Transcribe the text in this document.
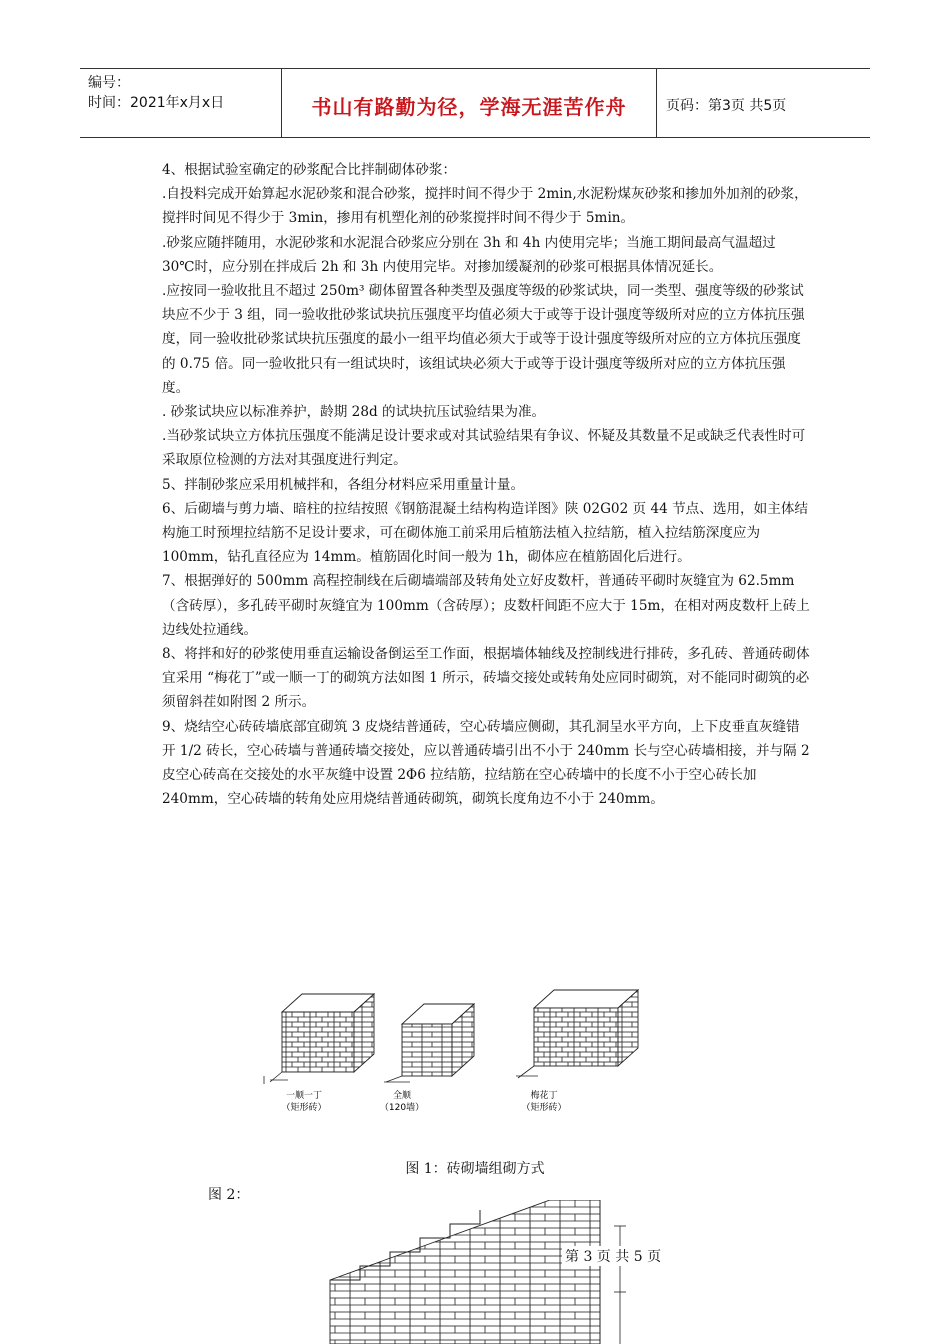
编号：
时间：2021年x月x日	书山有路勤为径，学海无涯苦作舟	页码：第3页 共5页

4、根据试验室确定的砂浆配合比拌制砌体砂浆：

.自投料完成开始算起水泥砂浆和混合砂浆，搅拌时间不得少于 2min,水泥粉煤灰砂浆和掺加外加剂的砂浆，搅拌时间见不得少于 3min，掺用有机塑化剂的砂浆搅拌时间不得少于 5min。

.砂浆应随拌随用，水泥砂浆和水泥混合砂浆应分别在 3h 和 4h 内使用完毕；当施工期间最高气温超过 30℃时，应分别在拌成后 2h 和 3h 内使用完毕。对掺加缓凝剂的砂浆可根据具体情况延长。

.应按同一验收批且不超过 250m³ 砌体留置各种类型及强度等级的砂浆试块，同一类型、强度等级的砂浆试块应不少于 3 组，同一验收批砂浆试块抗压强度平均值必须大于或等于设计强度等级所对应的立方体抗压强度，同一验收批砂浆试块抗压强度的最小一组平均值必须大于或等于设计强度等级所对应的立方体抗压强度的 0.75 倍。同一验收批只有一组试块时，该组试块必须大于或等于设计强度等级所对应的立方体抗压强度。

. 砂浆试块应以标准养护，龄期 28d 的试块抗压试验结果为准。

.当砂浆试块立方体抗压强度不能满足设计要求或对其试验结果有争议、怀疑及其数量不足或缺乏代表性时可采取原位检测的方法对其强度进行判定。

5、拌制砂浆应采用机械拌和，各组分材料应采用重量计量。

6、后砌墙与剪力墙、暗柱的拉结按照《钢筋混凝土结构构造详图》陕 02G02 页 44 节点、选用，如主体结构施工时预埋拉结筋不足设计要求，可在砌体施工前采用后植筋法植入拉结筋，植入拉结筋深度应为 100mm，钻孔直径应为 14mm。植筋固化时间一般为 1h，砌体应在植筋固化后进行。

7、根据弹好的 500mm 高程控制线在后砌墙端部及转角处立好皮数杆，普通砖平砌时灰缝宜为 62.5mm（含砖厚），多孔砖平砌时灰缝宜为 100mm（含砖厚）；皮数杆间距不应大于 15m，在相对两皮数杆上砖上边线处拉通线。

8、将拌和好的砂浆使用垂直运输设备倒运至工作面，根据墙体轴线及控制线进行排砖，多孔砖、普通砖砌体宜采用 “梅花丁”或一顺一丁的砌筑方法如图 1 所示，砖墙交接处或转角处应同时砌筑，对不能同时砌筑的必须留斜茬如附图 2 所示。

9、烧结空心砖砖墙底部宜砌筑 3 皮烧结普通砖，空心砖墙应侧砌，其孔洞呈水平方向，上下皮垂直灰缝错开 1/2 砖长，空心砖墙与普通砖墙交接处，应以普通砖墙引出不小于 240mm 长与空心砖墙相接，并与隔 2 皮空心砖高在交接处的水平灰缝中设置 2Φ6 拉结筋，拉结筋在空心砖墙中的长度不小于空心砖长加 240mm，空心砖墙的转角处应用烧结普通砖砌筑，砌筑长度角边不小于 240mm。

一顺一丁
（矩形砖）
全顺
（120墙）
梅花丁
（矩形砖）
图 1：砖砌墙组砌方式
图 2：
第 3 页 共 5 页
